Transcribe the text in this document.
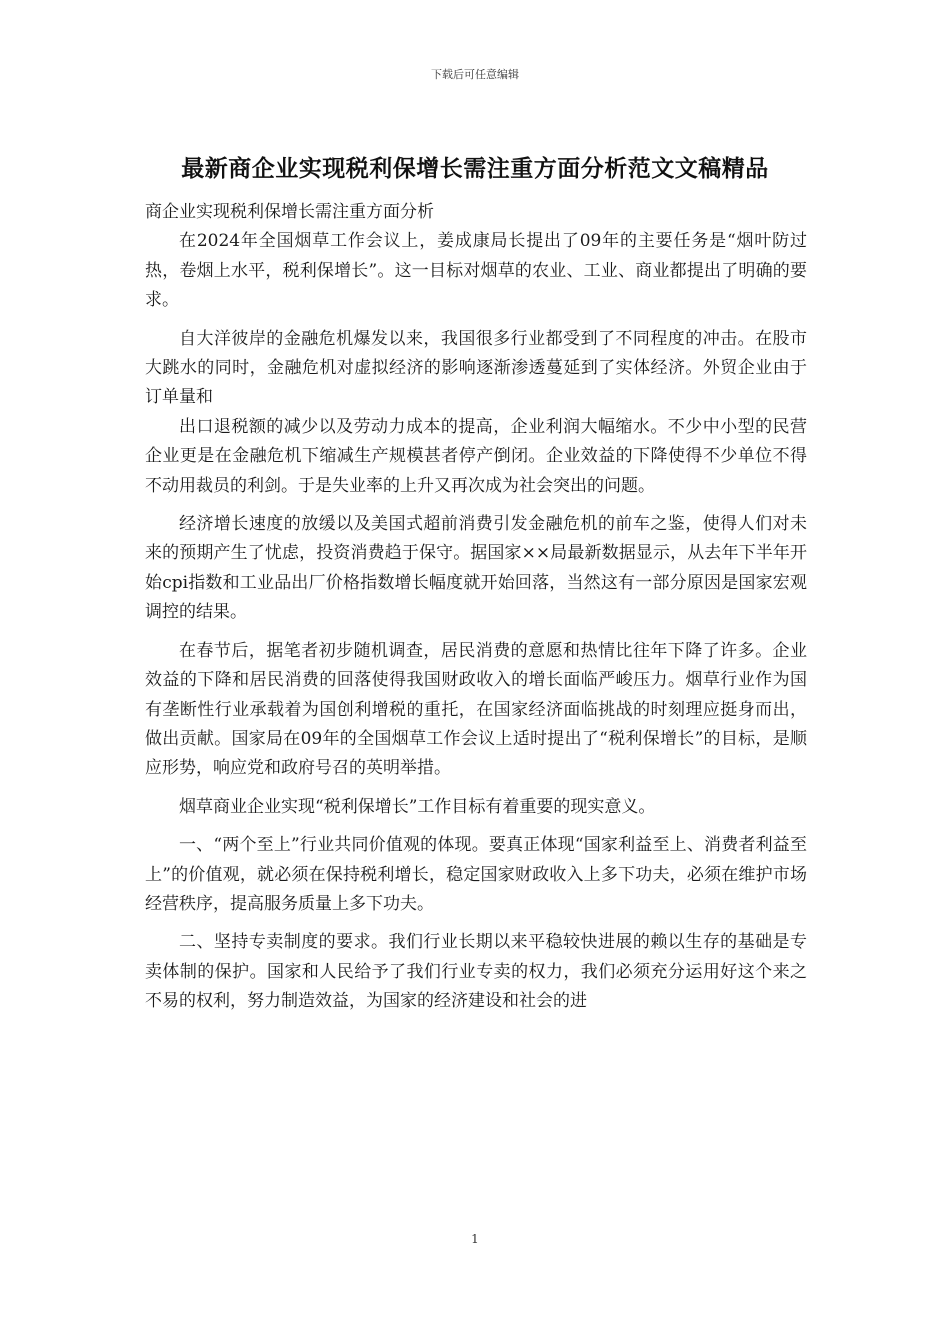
下载后可任意编辑
最新商企业实现税利保增长需注重方面分析范文文稿精品

商企业实现税利保增长需注重方面分析

在2024年全国烟草工作会议上，姜成康局长提出了09年的主要任务是“烟叶防过热，卷烟上水平，税利保增长”。这一目标对烟草的农业、工业、商业都提出了明确的要求。

自大洋彼岸的金融危机爆发以来，我国很多行业都受到了不同程度的冲击。在股市大跳水的同时，金融危机对虚拟经济的影响逐渐渗透蔓延到了实体经济。外贸企业由于订单量和

出口退税额的减少以及劳动力成本的提高，企业利润大幅缩水。不少中小型的民营企业更是在金融危机下缩减生产规模甚者停产倒闭。企业效益的下降使得不少单位不得不动用裁员的利剑。于是失业率的上升又再次成为社会突出的问题。

经济增长速度的放缓以及美国式超前消费引发金融危机的前车之鉴，使得人们对未来的预期产生了忧虑，投资消费趋于保守。据国家××局最新数据显示，从去年下半年开始cpi指数和工业品出厂价格指数增长幅度就开始回落，当然这有一部分原因是国家宏观调控的结果。

在春节后，据笔者初步随机调查，居民消费的意愿和热情比往年下降了许多。企业效益的下降和居民消费的回落使得我国财政收入的增长面临严峻压力。烟草行业作为国有垄断性行业承载着为国创利增税的重托，在国家经济面临挑战的时刻理应挺身而出，做出贡献。国家局在09年的全国烟草工作会议上适时提出了“税利保增长”的目标，是顺应形势，响应党和政府号召的英明举措。

烟草商业企业实现“税利保增长”工作目标有着重要的现实意义。

一、“两个至上”行业共同价值观的体现。要真正体现“国家利益至上、消费者利益至上”的价值观，就必须在保持税利增长，稳定国家财政收入上多下功夫，必须在维护市场经营秩序，提高服务质量上多下功夫。

二、坚持专卖制度的要求。我们行业长期以来平稳较快进展的赖以生存的基础是专卖体制的保护。国家和人民给予了我们行业专卖的权力，我们必须充分运用好这个来之不易的权利，努力制造效益，为国家的经济建设和社会的进

1
